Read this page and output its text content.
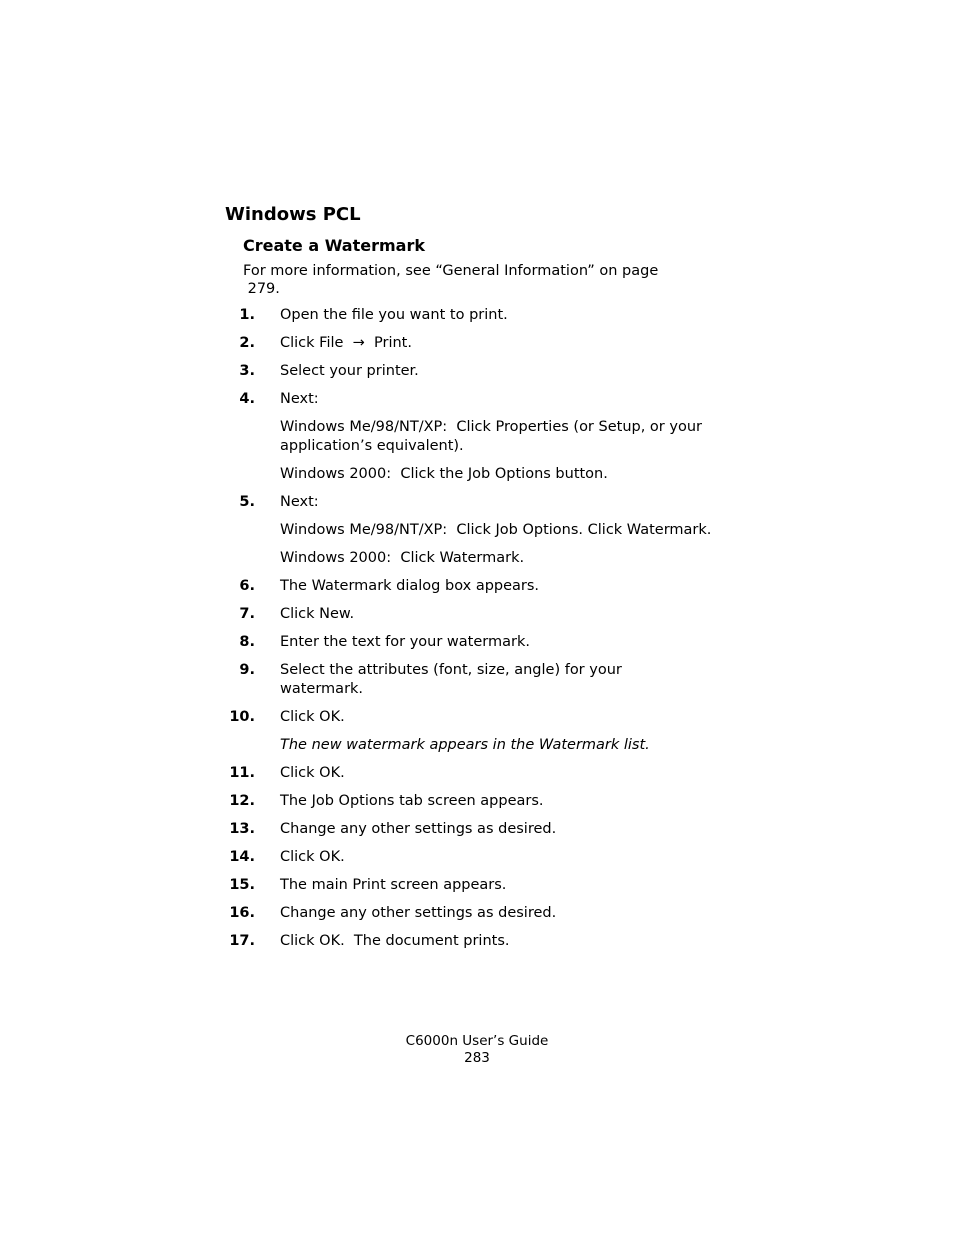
Windows PCL
Create a Watermark

For more information, see “General Information” on page
279.

1. Open the file you want to print.
2. Click File  →  Print.
3. Select your printer.
4. Next:

Windows Me/98/NT/XP:  Click Properties (or Setup, or your application’s equivalent).

Windows 2000:  Click the Job Options button.

5. Next:

Windows Me/98/NT/XP:  Click Job Options. Click Watermark.

Windows 2000:  Click Watermark.

6. The Watermark dialog box appears.
7. Click New.
8. Enter the text for your watermark.
9. Select the attributes (font, size, angle) for your watermark.
10. Click OK.

The new watermark appears in the Watermark list.

11. Click OK.
12. The Job Options tab screen appears.
13. Change any other settings as desired.
14. Click OK.
15. The main Print screen appears.
16. Change any other settings as desired.
17. Click OK.  The document prints.
C6000n User’s Guide
283
